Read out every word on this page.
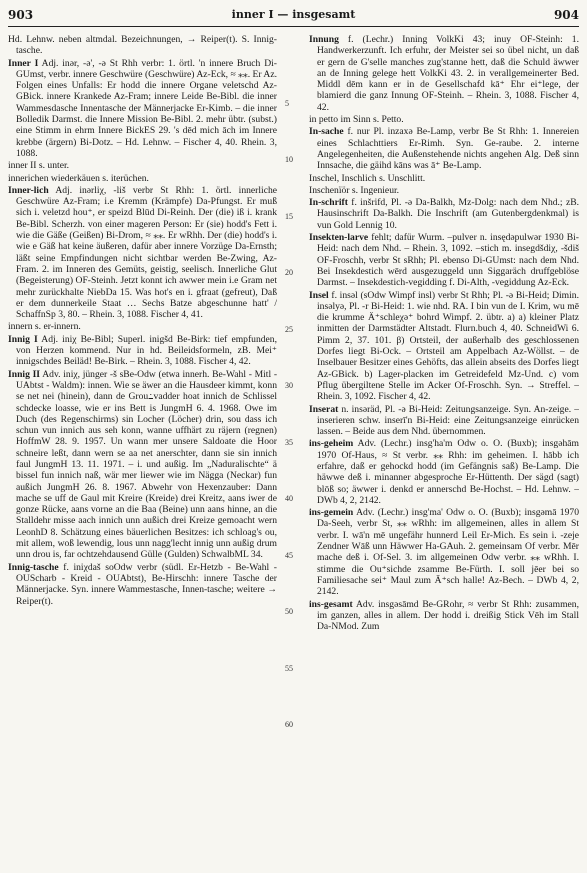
903	inner I — insgesamt	904

Hd. Lehnw. neben altmdal. Bezeichnungen, → Reiper(t). S. Innig-tasche.

Inner I Adj. inər, -ə', -ə St Rhh verbr: 1. örtl. 'n innere Bruch Di-GUmst, verbr. innere Geschwüre (Geschwüre) Az-Eck, ≈ ⁎⁎. Er Az. Folgen eines Unfalls: Er hodd die innere Organe veletschd Az-GBick. innere Krankede Az-Fram; innere Leide Be-Bibl. die inner Wammesdasche Innentasche der Männerjacke Er-Kimb. – die inner Bolledik Darmst. die Innere Mission Be-Bibl. 2. mehr übtr. (subst.) eine Stimm in ehrm Innere BickES 29. 's dēd mich āch im Innere krebbe (ärgern) Bi-Dotz. – Hd. Lehnw. – Fischer 4, 40. Rhein. 3, 1088.

inner II s. unter.

innerichen wiederkäuen s. iterüchen.

Inner-lich Adj. inərliχ, -liš verbr St Rhh: 1. örtl. innerliche Geschwüre Az-Fram; i.e Kremm (Krämpfe) Da-Pfungst. Er muß sich i. veletzd hou⁺, er speizd Blūd Di-Reinh. Der (die) iß i. krank Be-Bibl. Scherzh. von einer mageren Person: Er (sie) hodd's Fett i. wie die Gäße (Geißen) Bi-Drom, ≈ ⁎⁎. Er wRhh. Der (die) hodd's i. wie e Gäß hat keine äußeren, dafür aber innere Vorzüge Da-Ernsth; läßt seine Empfindungen nicht sichtbar werden Be-Zwing, Az-Fram. 2. im Inneren des Gemüts, geistig, seelisch. Innerliche Glut (Begeisterung) OF-Steinh. Jetzt konnt ich awwer mein i.e Gram net mehr zurückhalte NiebDa 15. Was hot's en i. gfraat (gefreut), Daß er dem dunnerkeile Staat … Sechs Batze abgeschunne hatt' / SchaffnSp 3, 80. – Rhein. 3, 1088. Fischer 4, 41.

innern s. er-innern.

Innig I Adj. iniχ Be-Bibl; Superl. inigšd Be-Birk: tief empfunden, von Herzen kommend. Nur in hd. Beileidsformeln, zB. Mei⁺ innigschdes Beiläd! Be-Birk. – Rhein. 3, 1088. Fischer 4, 42.

Innig II Adv. iniχ, jünger -š sBe-Odw (etwa innerh. Be-Wahl - Mitl - UAbtst - Waldm): innen. Wie se äwer an die Hausdeer kimmt, konn se net nei (hinein), dann de Grou߸vadder hoat innich de Schlissel schdecke loasse, wie er ins Bett is JungmH 6. 4. 1968. Owe im Duch (des Regenschirms) sin Locher (Löcher) drin, sou dass ich schun vun innich aus seh konn, wanne uffhärt zu räjern (regnen) HoffmW 28. 9. 1957. Un wann mer unsere Saldoate die Hoor schneire leßt, dann wern se aa net anerschter, dann sie sin innich faul JungmH 13. 11. 1971. – i. und außig. Im „Naduralischte“ ä bissel fun innich naß, wär mer liewer wie im Nägga (Neckar) fun außich JungmH 26. 8. 1967. Abwehr von Hexenzauber: Dann mache se uff de Gaul mit Kreire (Kreide) drei Kreitz, aans iwer de gonze Rücke, aans vorne an die Baa (Beine) unn aans hinne, an die Stalldehr misse aach innich unn außich drei Kreize gemoacht wern LeonhD 8. Schätzung eines bäuerlichen Besitzes: ich schloag's ou, mit allem, woß lewendig, lous unn nagg'lecht innig unn außig drum unn drou is, far ochtzehdausend Gülle (Gulden) SchwalbML 34.

Innig-tasche f. iniχdaš soOdw verbr (südl. Er-Hetzb - Be-Wahl - OUScharb - Kreid - OUAbtst), Be-Hirschh: innere Tasche der Männerjacke. Syn. innere Wammestasche, Innen-tasche; weitere → Reiper(t).

5
10
15
20
25
30
35
40
45
50
55
60

Innung f. (Lechr.) Inning VolkKi 43; inuy OF-Steinh: 1. Handwerkerzunft. Ich erfuhr, der Meister sei so übel nicht, un daß er gern de G'selle manches zug'stanne hett, daß die Schuld äwwer an de Inning gelege hett VolkKi 43. 2. in verallgemeinerter Bed. Middl dēm kann er in de Gesellschafd kā⁺ Ehr ei⁺lege, der blamierd die ganz Innung OF-Steinh. – Rhein. 3, 1088. Fischer 4, 42.

in petto im Sinn s. Petto.

In-sache f. nur Pl. inzaxə Be-Lamp, verbr Be St Rhh: 1. Innereien eines Schlachttiers Er-Rimh. Syn. Ge-raube. 2. interne Angelegenheiten, die Außenstehende nichts angehen Alg. Deß sinn Innsache, die gäihd kāns was ā⁺ Be-Lamp.

Inschel, Inschlich s. Unschlitt.

Inschenïör s. Ingenieur.

In-schrift f. inšrifd, Pl. -ə Da-Balkh, Mz-Dolg: nach dem Nhd.; zB. Hausinschrift Da-Balkh. Die Inschrift (am Gutenbergdenkmal) is vun Gold Lennig 10.

Insekten-larve fehlt; dafür Wurm. –pulver n. insędəpulwər 1930 Bi-Heid: nach dem Nhd. – Rhein. 3, 1092. –stich m. insegdšdiχ, -šdiš OF-Froschh, verbr St sRhh; Pl. ebenso Di-GUmst: nach dem Nhd. Bei Insekdestich wērd ausgezuggeld unn Siggaräch druffgeblöse Darmst. – Insekdestich-vegidding f. Di-Alth, -vegiddung Az-Eck.

Insel f. insəl (sOdw Wimpf insl) verbr St Rhh; Pl. -ə Bi-Heid; Dimin. insəlyə, Pl. -r Bi-Heid: 1. wie nhd. RA. I bin vun de I. Krim, wu mē die krumme Ä⁺schleχə⁺ bohrd Wimpf. 2. übtr. a) a) kleiner Platz inmitten der Darmstädter Altstadt. Flurn.buch 4, 40. SchneidWi 6. Pimm 2, 37. 101. β) Ortsteil, der außerhalb des geschlossenen Dorfes liegt Bi-Ock. – Ortsteil am Appelbach Az-Wöllst. – de Inselbauer Besitzer eines Gehöfts, das allein abseits des Dorfes liegt Az-GBick. b) Lager-placken im Getreidefeld Mz-Und. c) vom Pflug übergiltene Stelle im Acker Of-Froschh. Syn. → Streffel. – Rhein. 3, 1092. Fischer 4, 42.

Inserat n. insəräd, Pl. -ə Bi-Heid: Zeitungsanzeige. Syn. An-zeige. – inserieren schw. inserī'n Bi-Heid: eine Zeitungsanzeige einrücken lassen. – Beide aus dem Nhd. übernommen.

ins-geheim Adv. (Lechr.) insg'ha'm Odw o. O. (Buxb); insgəhām 1970 Of-Haus, ≈ St verbr. ⁎⁎ Rhh: im geheimen. I. hābb ich erfahre, daß er gehockd hodd (im Gefängnis saß) Be-Lamp. Die häwwe deß i. minanner abgesproche Er-Hüttenth. Der sägd (sagt) blōß so; äwwer i. denkd er annerschd Be-Hochst. – Hd. Lehnw. – DWb 4, 2, 2142.

ins-gemein Adv. (Lechr.) insg'ma' Odw o. O. (Buxb); insgəmā 1970 Da-Seeh, verbr St, ⁎⁎ wRhh: im allgemeinen, alles in allem St verbr. I. wā'n mē ungefähr hunnerd Leil Er-Mich. Es sein i. -zeje Zendner Wāß unn Häwwer Ha-GAuh. 2. gemeinsam Of verbr. Mēr mache deß i. Of-Sel. 3. im allgemeinen Odw verbr. ⁎⁎ wRhh. I. stimme die Ou⁺sichde zsamme Be-Fürth. I. soll jēer bei so Familiesache sei⁺ Maul zum Ā⁺sch halle! Az-Bech. – DWb 4, 2, 2142.

ins-gesamt Adv. insgəsāmd Be-GRohr, ≈ verbr St Rhh: zusammen, im ganzen, alles in allem. Der hodd i. dreißig Stick Vēh im Stall Da-NMod. Zum
